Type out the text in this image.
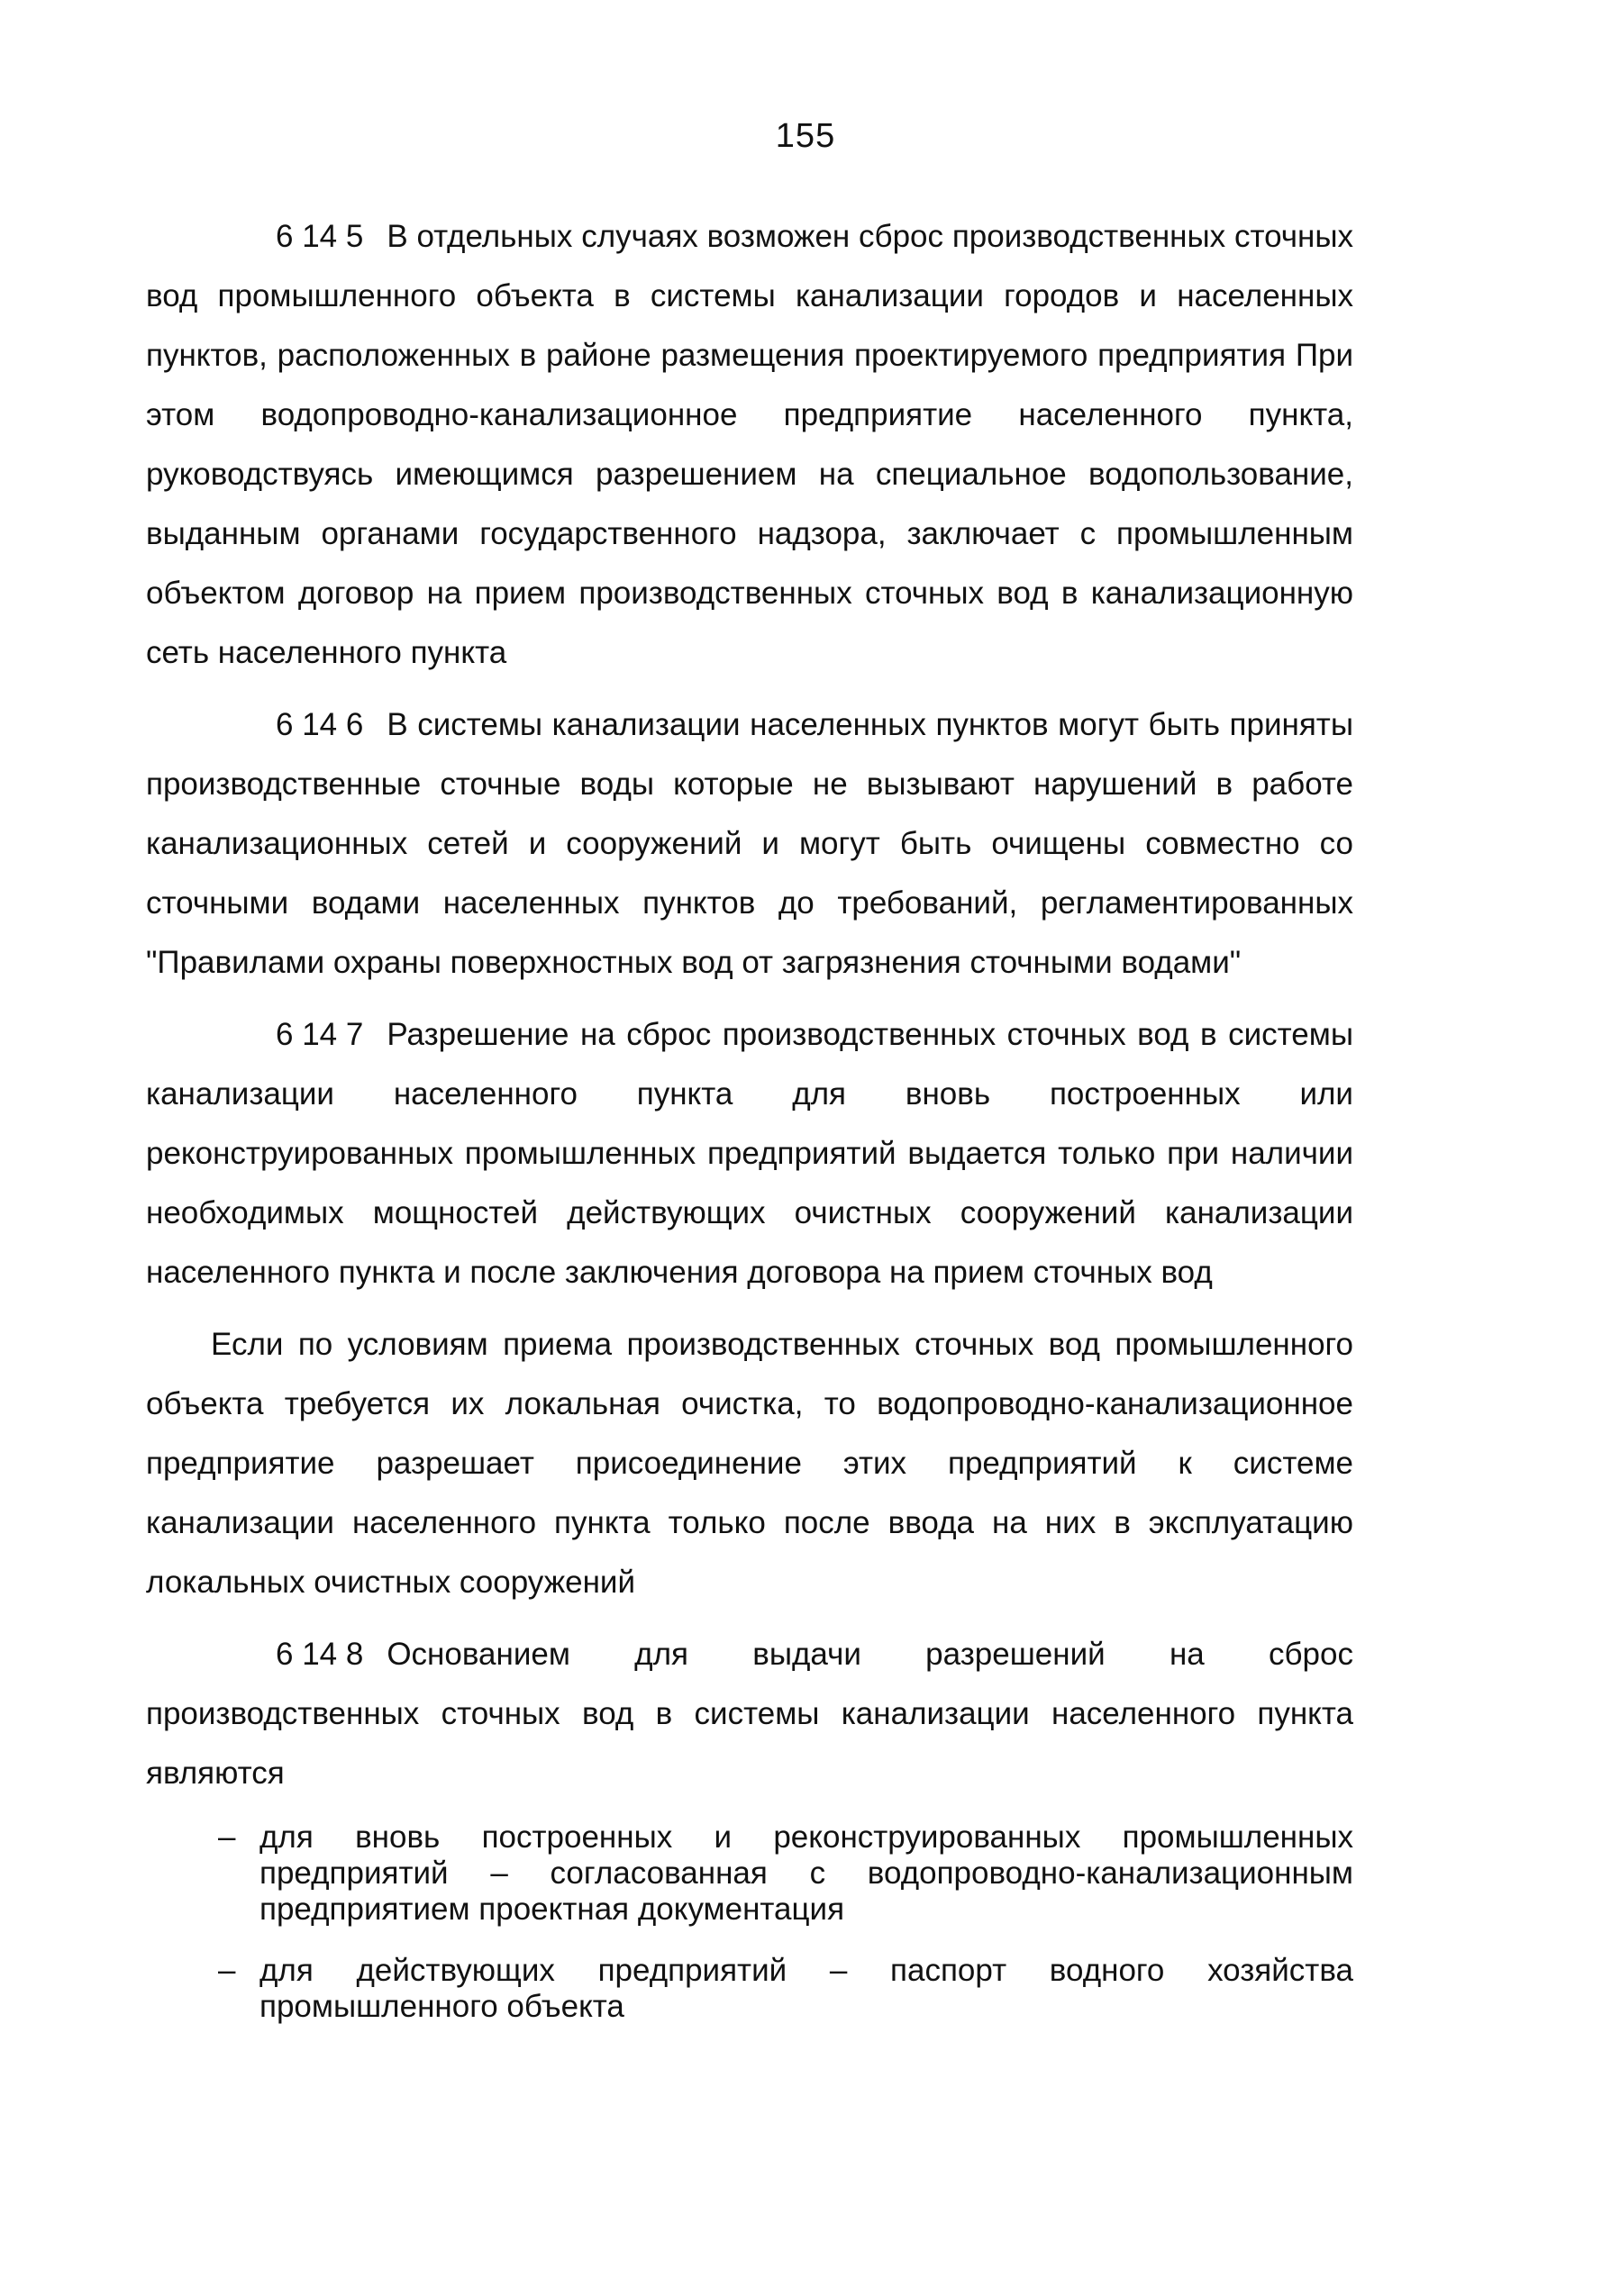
155

6 14 5 В отдельных случаях возможен сброс производственных сточных вод промышленного объекта в системы канализации городов и населенных пунктов, расположенных в районе размещения проектируемого предприятия При этом водопроводно-канализационное предприятие населенного пункта, руководствуясь имеющимся разрешением на специальное водопользование, выданным органами государственного надзора, заключает с промышленным объектом договор на прием производственных сточных вод в канализационную сеть населенного пункта

6 14 6 В системы канализации населенных пунктов могут быть приняты производственные сточные воды которые не вызывают нарушений в работе канализационных сетей и сооружений и могут быть очищены совместно со сточными водами населенных пунктов до требований, регламентированных "Правилами охраны поверхностных вод от загрязнения сточными водами"

6 14 7 Разрешение на сброс производственных сточных вод в системы канализации населенного пункта для вновь построенных или реконструированных промышленных предприятий выдается только при наличии необходимых мощностей действующих очистных сооружений канализации населенного пункта и после заключения договора на прием сточных вод

Если по условиям приема производственных сточных вод промышленного объекта требуется их локальная очистка, то водопроводно-канализационное предприятие разрешает присоединение этих предприятий к системе канализации населенного пункта только после ввода на них в эксплуатацию локальных очистных сооружений

6 14 8 Основанием для выдачи разрешений на сброс производственных сточных вод в системы канализации населенного пункта являются

– для вновь построенных и реконструированных промышленных предприятий – согласованная с водопроводно-канализационным предприятием проектная документация
– для действующих предприятий – паспорт водного хозяйства промышленного объекта
